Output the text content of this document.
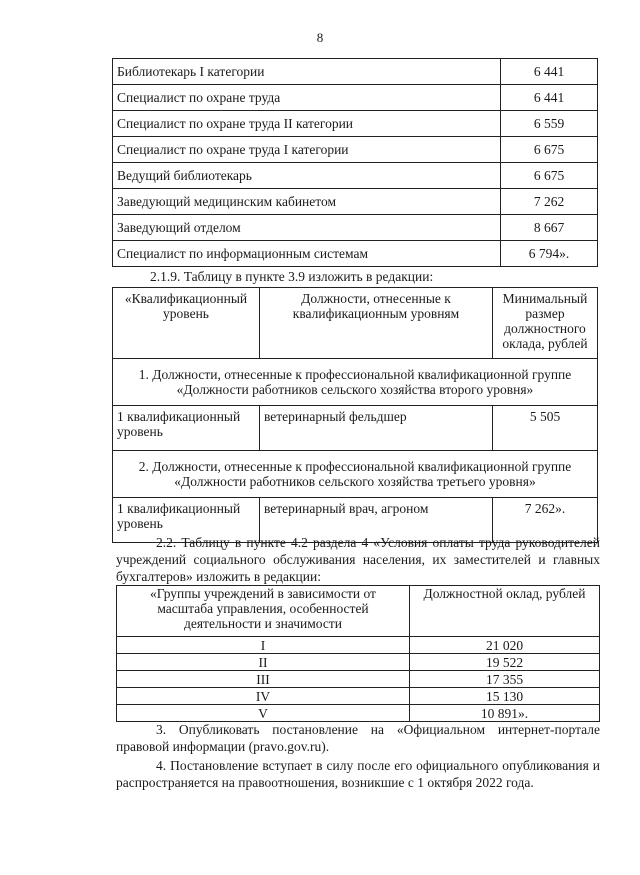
8
Библиотекарь I категории	6 441
Специалист по охране труда	6 441
Специалист по охране труда II категории	6 559
Специалист по охране труда I категории	6 675
Ведущий библиотекарь	6 675
Заведующий медицинским кабинетом	7 262
Заведующий отделом	8 667
Специалист по информационным системам	6 794».
2.1.9. Таблицу в пункте 3.9 изложить в редакции:
«Квалификационный уровень	Должности, отнесенные к квалификационным уровням	Минимальный размер должностного оклада, рублей
1. Должности, отнесенные к профессиональной квалификационной группе «Должности работников сельского хозяйства второго уровня»		
1 квалификационный уровень	ветеринарный фельдшер	5 505
2. Должности, отнесенные к профессиональной квалификационной группе «Должности работников сельского хозяйства третьего уровня»		
1 квалификационный уровень	ветеринарный врач, агроном	7 262».
2.2. Таблицу в пункте 4.2 раздела 4 «Условия оплаты труда руководителей учреждений социального обслуживания населения, их заместителей и главных бухгалтеров» изложить в редакции:
«Группы учреждений в зависимости от масштаба управления, особенностей деятельности и значимости	Должностной оклад, рублей
I	21 020
II	19 522
III	17 355
IV	15 130
V	10 891».
3. Опубликовать постановление на «Официальном интернет-портале правовой информации (pravo.gov.ru).
4. Постановление вступает в силу после его официального опубликования и распространяется на правоотношения, возникшие с 1 октября 2022 года.
